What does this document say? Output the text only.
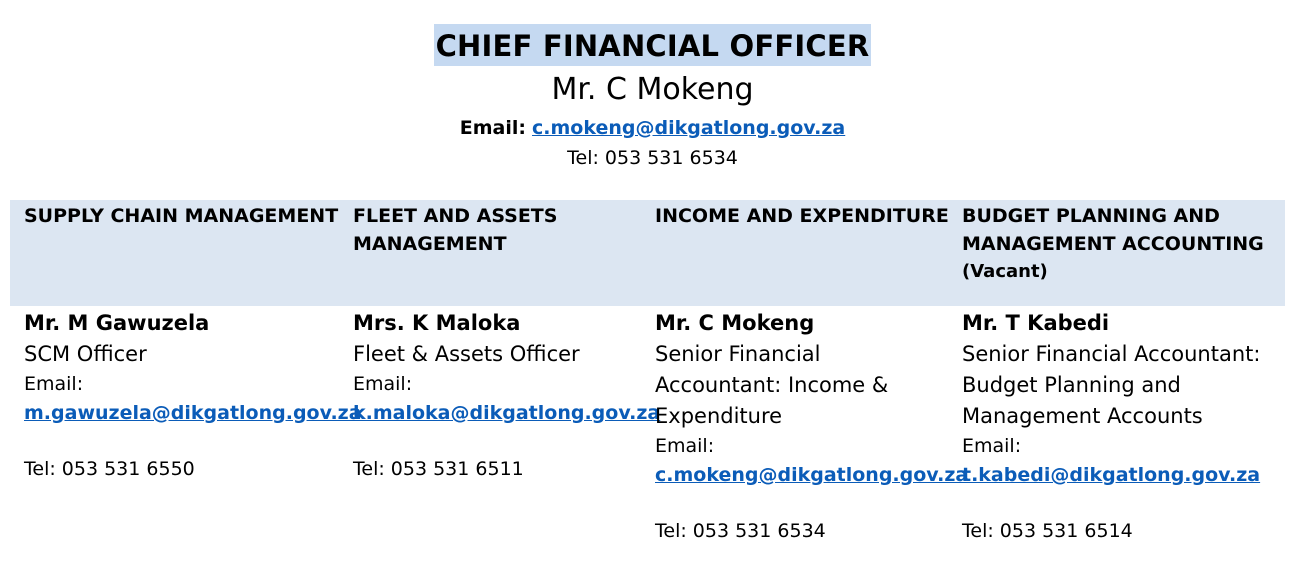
CHIEF FINANCIAL OFFICER
Mr. C Mokeng
Email: c.mokeng@dikgatlong.gov.za
Tel: 053 531 6534
SUPPLY CHAIN MANAGEMENT
Mr. M Gawuzela
SCM Officer
Email:
m.gawuzela@dikgatlong.gov.za
Tel: 053 531 6550
FLEET AND ASSETS
MANAGEMENT
Mrs. K Maloka
Fleet & Assets Officer
Email:
k.maloka@dikgatlong.gov.za
Tel: 053 531 6511
INCOME AND EXPENDITURE
Mr. C Mokeng
Senior Financial
Accountant: Income &
Expenditure
Email:
c.mokeng@dikgatlong.gov.za
Tel: 053 531 6534
BUDGET PLANNING AND
MANAGEMENT ACCOUNTING
(Vacant)
Mr. T Kabedi
Senior Financial Accountant:
Budget Planning and
Management Accounts
Email:
t.kabedi@dikgatlong.gov.za
Tel: 053 531 6514
